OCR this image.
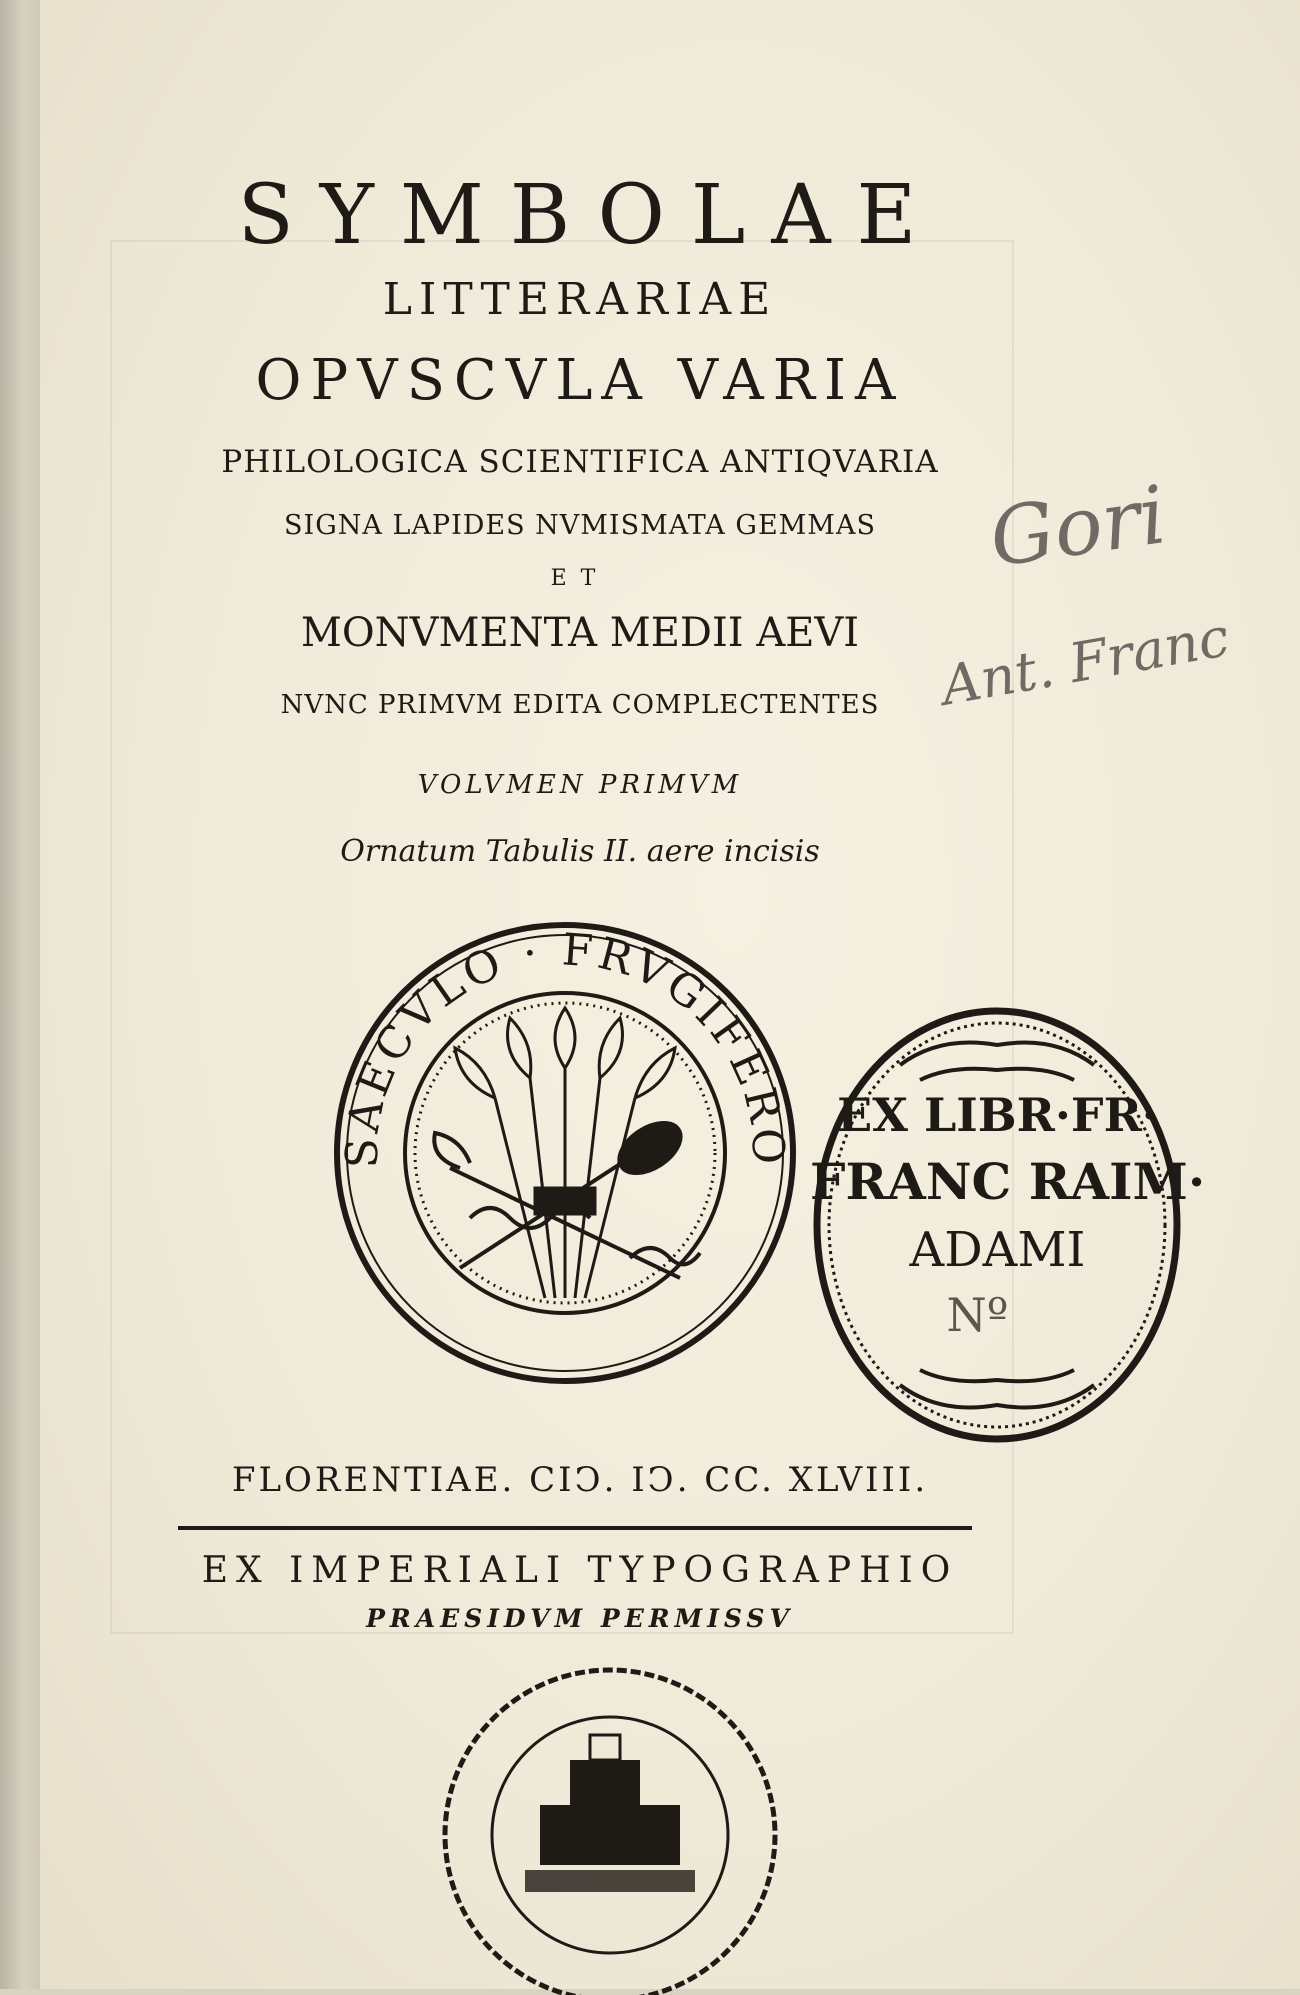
SYMBOLAE
LITTERARIAE
OPVSCVLA VARIA
PHILOLOGICA SCIENTIFICA ANTIQVARIA
SIGNA LAPIDES NVMISMATA GEMMAS
ET
MONVMENTA MEDII AEVI
NVNC PRIMVM EDITA COMPLECTENTES
VOLVMEN PRIMVM
Ornatum Tabulis II. aere incisis
Gori
Ant. Franc
SAECVLO · FRVGIFERO
EX LIBR·FR·
FRANC RAIM·
ADAMI
Nº
FLORENTIAE. CIϽ. IϽ. CC. XLVIII.
EX IMPERIALI TYPOGRAPHIO
PRAESIDVM PERMISSV
